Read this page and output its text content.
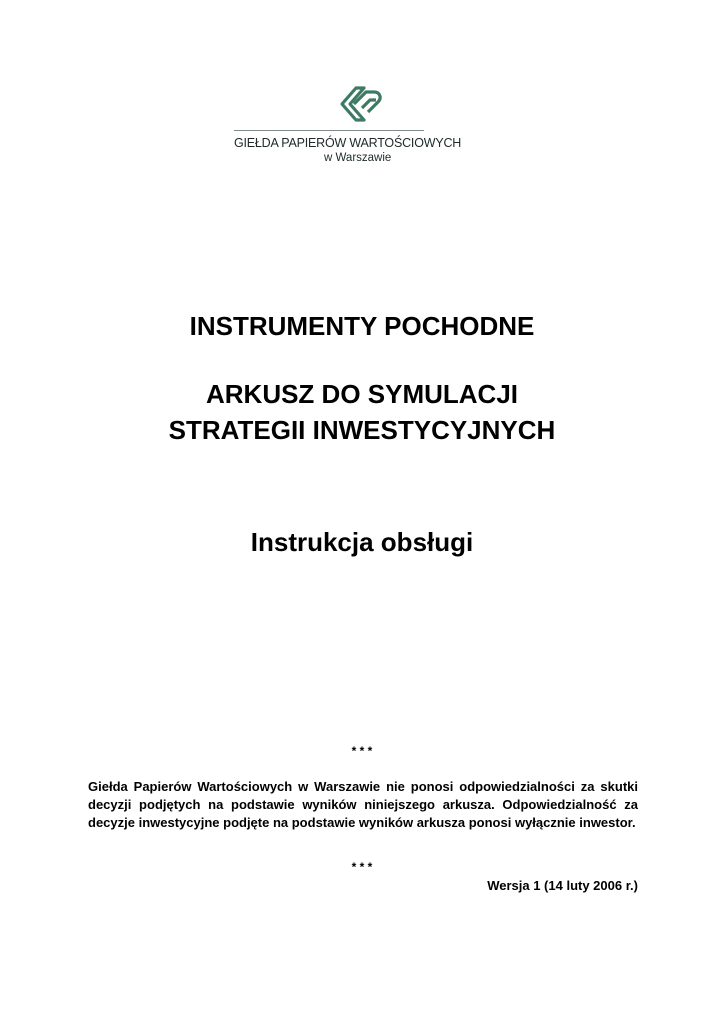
GIEŁDA PAPIERÓW WARTOŚCIOWYCH
w Warszawie
INSTRUMENTY POCHODNE
ARKUSZ DO SYMULACJI
STRATEGII INWESTYCYJNYCH
Instrukcja obsługi
* * *
Giełda Papierów Wartościowych w Warszawie nie ponosi odpowiedzialności za skutki decyzji podjętych na podstawie wyników niniejszego arkusza. Odpowiedzialność za decyzje inwestycyjne podjęte na podstawie wyników arkusza ponosi wyłącznie inwestor.
* * *
Wersja 1 (14 luty 2006 r.)
